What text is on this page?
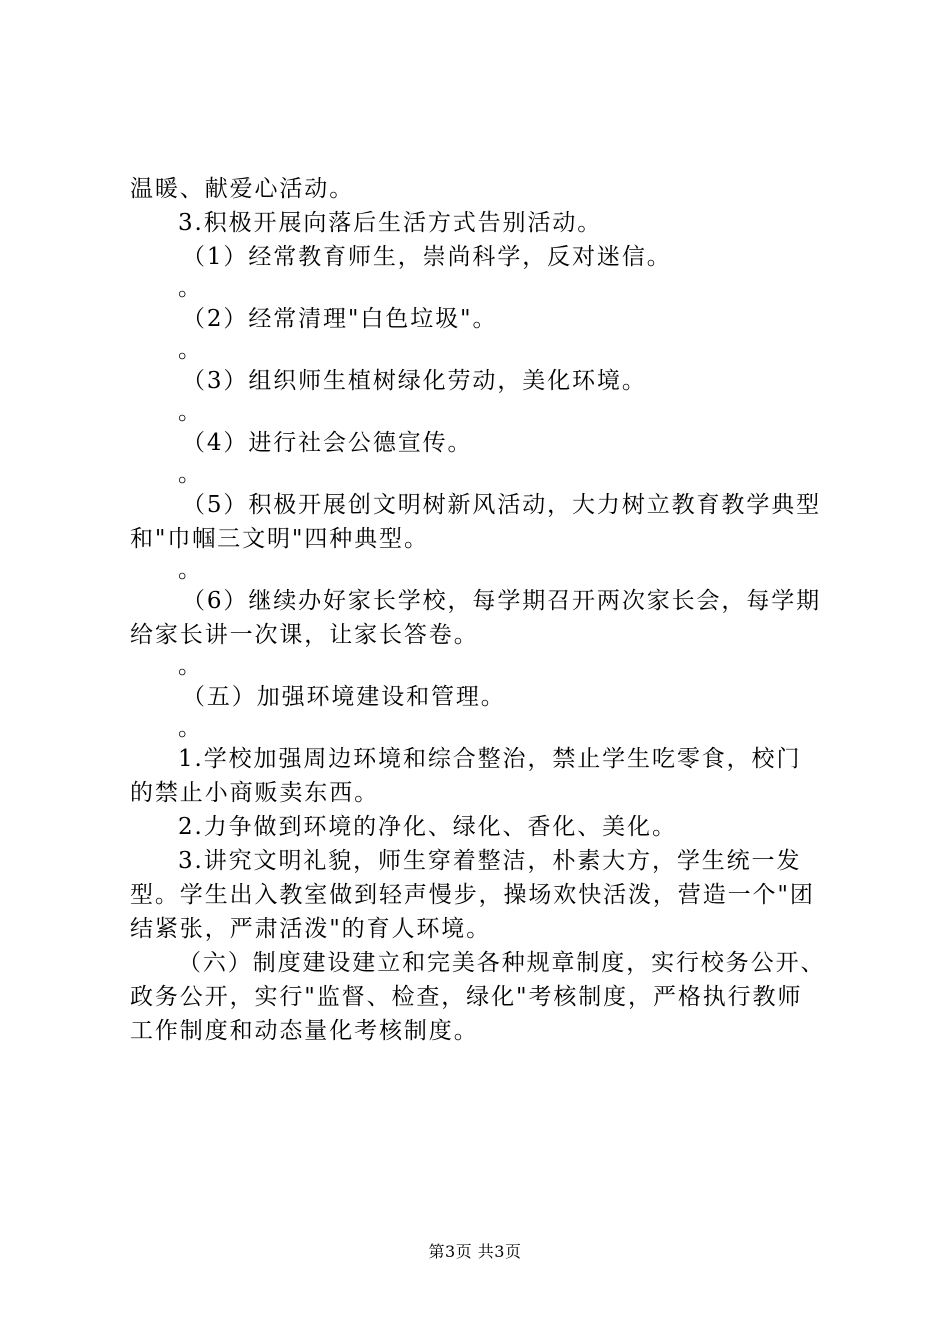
温暖、献爱心活动。
3.积极开展向落后生活方式告别活动。
（1）经常教育师生，崇尚科学，反对迷信。
。
（2）经常清理"白色垃圾"。
。
（3）组织师生植树绿化劳动，美化环境。
。
（4）进行社会公德宣传。
。
（5）积极开展创文明树新风活动，大力树立教育教学典型
和"巾帼三文明"四种典型。
。
（6）继续办好家长学校，每学期召开两次家长会，每学期
给家长讲一次课，让家长答卷。
。
（五）加强环境建设和管理。
。
1.学校加强周边环境和综合整治，禁止学生吃零食，校门
的禁止小商贩卖东西。
2.力争做到环境的净化、绿化、香化、美化。
3.讲究文明礼貌，师生穿着整洁，朴素大方，学生统一发
型。学生出入教室做到轻声慢步，操场欢快活泼，营造一个"团
结紧张，严肃活泼"的育人环境。
（六）制度建设建立和完美各种规章制度，实行校务公开、
政务公开，实行"监督、检查，绿化"考核制度，严格执行教师
工作制度和动态量化考核制度。
第3页 共3页
